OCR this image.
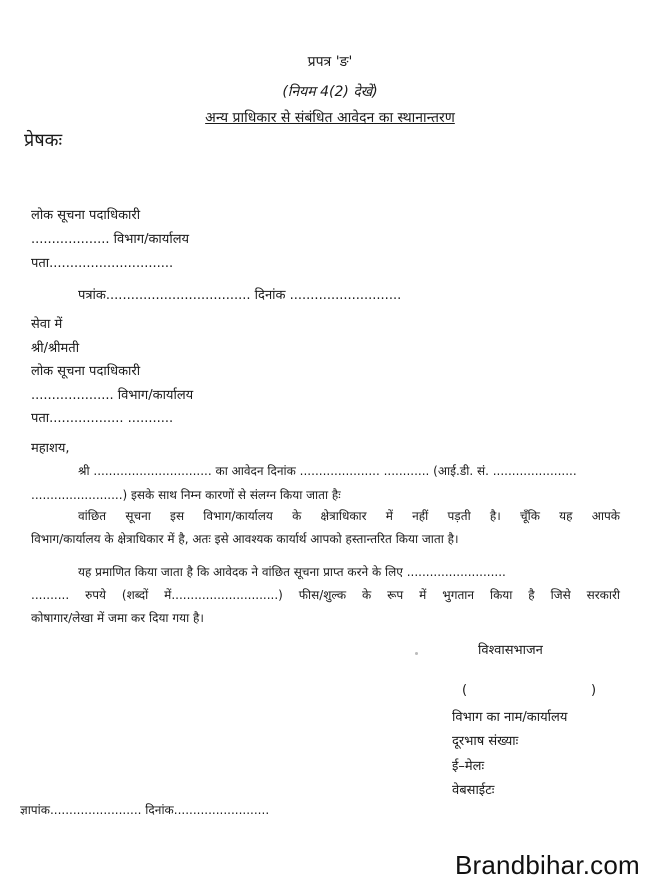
प्रपत्र 'ङ'
(नियम 4(2) देखें)
अन्य प्राधिकार से संबंधित आवेदन का स्थानान्तरण
प्रेषकः
लोक सूचना पदाधिकारी
................... विभाग/कार्यालय
पता..............................
पत्रांक................................... दिनांक ...........................
सेवा में
श्री/श्रीमती
लोक सूचना पदाधिकारी
.................... विभाग/कार्यालय
पता.................. ...........
महाशय,
श्री ............................... का आवेदन दिनांक ..................... ............ (आई.डी. सं. ......................
........................) इसके साथ निम्न कारणों से संलग्न किया जाता हैः
वांछित सूचना इस विभाग/कार्यालय के क्षेत्राधिकार में नहीं पड़ती है। चूँकि यह आपके
विभाग/कार्यालय के क्षेत्राधिकार में है, अतः इसे आवश्यक कार्यार्थ आपको हस्तान्तरित किया जाता है।
यह प्रमाणित किया जाता है कि आवेदक ने वांछित सूचना प्राप्त करने के लिए ..........................
.......... रुपये (शब्दों में............................) फीस/शुल्क के रूप में भुगतान किया है जिसे सरकारी
कोषागार/लेखा में जमा कर दिया गया है।
विश्वासभाजन
(                              )
विभाग का नाम/कार्यालय
दूरभाष संख्याः
ई–मेलः
वेबसाईटः
ज्ञापांक........................ दिनांक.........................
Brandbihar.com
